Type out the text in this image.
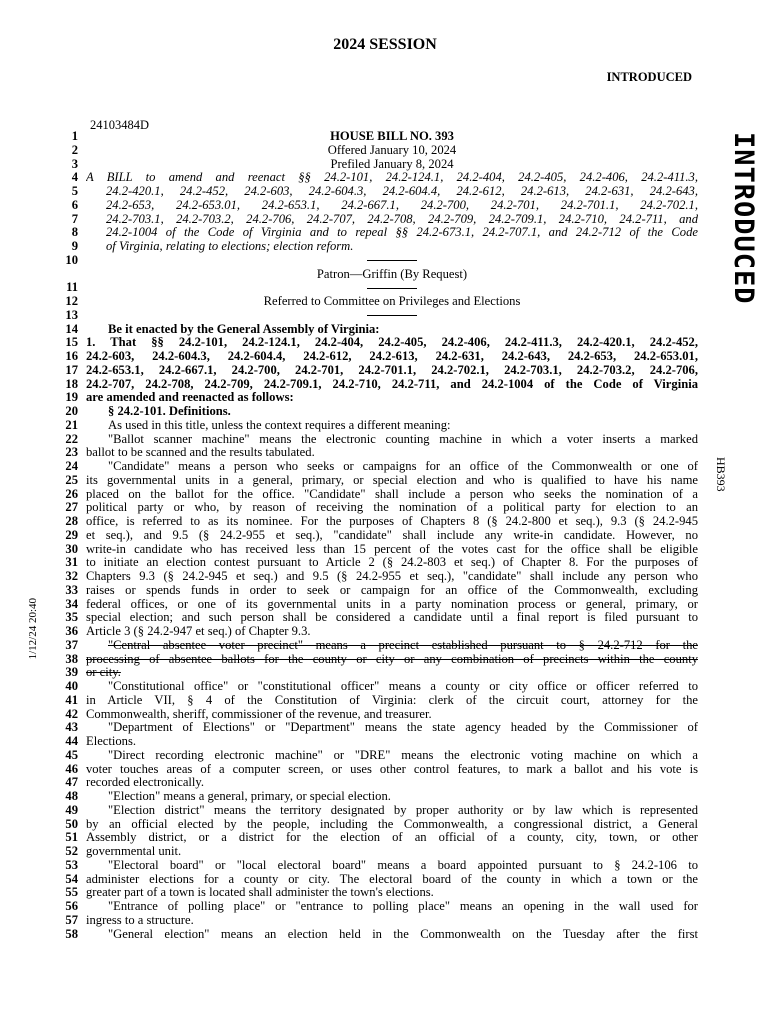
2024 SESSION
INTRODUCED
24103484D
INTRODUCED
HB393
1/12/24 20:40
1	HOUSE BILL NO. 393
2	Offered January 10, 2024
3	Prefiled January 8, 2024
4 A BILL to amend and reenact §§ 24.2-101, 24.2-124.1, 24.2-404, 24.2-405, 24.2-406, 24.2-411.3,
5	24.2-420.1, 24.2-452, 24.2-603, 24.2-604.3, 24.2-604.4, 24.2-612, 24.2-613, 24.2-631, 24.2-643,
6	24.2-653, 24.2-653.01, 24.2-653.1, 24.2-667.1, 24.2-700, 24.2-701, 24.2-701.1, 24.2-702.1,
7	24.2-703.1, 24.2-703.2, 24.2-706, 24.2-707, 24.2-708, 24.2-709, 24.2-709.1, 24.2-710, 24.2-711, and
8	24.2-1004 of the Code of Virginia and to repeal §§ 24.2-673.1, 24.2-707.1, and 24.2-712 of the Code
9	of Virginia, relating to elections; election reform.
10
Patron—Griffin (By Request)
11
12	Referred to Committee on Privileges and Elections
13
14	Be it enacted by the General Assembly of Virginia:
15 1. That §§ 24.2-101, 24.2-124.1, 24.2-404, 24.2-405, 24.2-406, 24.2-411.3, 24.2-420.1, 24.2-452,
16 24.2-603, 24.2-604.3, 24.2-604.4, 24.2-612, 24.2-613, 24.2-631, 24.2-643, 24.2-653, 24.2-653.01,
17 24.2-653.1, 24.2-667.1, 24.2-700, 24.2-701, 24.2-701.1, 24.2-702.1, 24.2-703.1, 24.2-703.2, 24.2-706,
18 24.2-707, 24.2-708, 24.2-709, 24.2-709.1, 24.2-710, 24.2-711, and 24.2-1004 of the Code of Virginia
19 are amended and reenacted as follows:
20	§ 24.2-101. Definitions.
21	As used in this title, unless the context requires a different meaning:
22	"Ballot scanner machine" means the electronic counting machine in which a voter inserts a marked
23 ballot to be scanned and the results tabulated.
24	"Candidate" means a person who seeks or campaigns for an office of the Commonwealth or one of
25 its governmental units in a general, primary, or special election and who is qualified to have his name
26 placed on the ballot for the office. "Candidate" shall include a person who seeks the nomination of a
27 political party or who, by reason of receiving the nomination of a political party for election to an
28 office, is referred to as its nominee. For the purposes of Chapters 8 (§ 24.2-800 et seq.), 9.3 (§ 24.2-945
29 et seq.), and 9.5 (§ 24.2-955 et seq.), "candidate" shall include any write-in candidate. However, no
30 write-in candidate who has received less than 15 percent of the votes cast for the office shall be eligible
31 to initiate an election contest pursuant to Article 2 (§ 24.2-803 et seq.) of Chapter 8. For the purposes of
32 Chapters 9.3 (§ 24.2-945 et seq.) and 9.5 (§ 24.2-955 et seq.), "candidate" shall include any person who
33 raises or spends funds in order to seek or campaign for an office of the Commonwealth, excluding
34 federal offices, or one of its governmental units in a party nomination process or general, primary, or
35 special election; and such person shall be considered a candidate until a final report is filed pursuant to
36 Article 3 (§ 24.2-947 et seq.) of Chapter 9.3.
37	"Central absentee voter precinct" means a precinct established pursuant to § 24.2-712 for the
38 processing of absentee ballots for the county or city or any combination of precincts within the county
39 or city.
40	"Constitutional office" or "constitutional officer" means a county or city office or officer referred to
41 in Article VII, § 4 of the Constitution of Virginia: clerk of the circuit court, attorney for the
42 Commonwealth, sheriff, commissioner of the revenue, and treasurer.
43	"Department of Elections" or "Department" means the state agency headed by the Commissioner of
44 Elections.
45	"Direct recording electronic machine" or "DRE" means the electronic voting machine on which a
46 voter touches areas of a computer screen, or uses other control features, to mark a ballot and his vote is
47 recorded electronically.
48	"Election" means a general, primary, or special election.
49	"Election district" means the territory designated by proper authority or by law which is represented
50 by an official elected by the people, including the Commonwealth, a congressional district, a General
51 Assembly district, or a district for the election of an official of a county, city, town, or other
52 governmental unit.
53	"Electoral board" or "local electoral board" means a board appointed pursuant to § 24.2-106 to
54 administer elections for a county or city. The electoral board of the county in which a town or the
55 greater part of a town is located shall administer the town's elections.
56	"Entrance of polling place" or "entrance to polling place" means an opening in the wall used for
57 ingress to a structure.
58	"General election" means an election held in the Commonwealth on the Tuesday after the first
